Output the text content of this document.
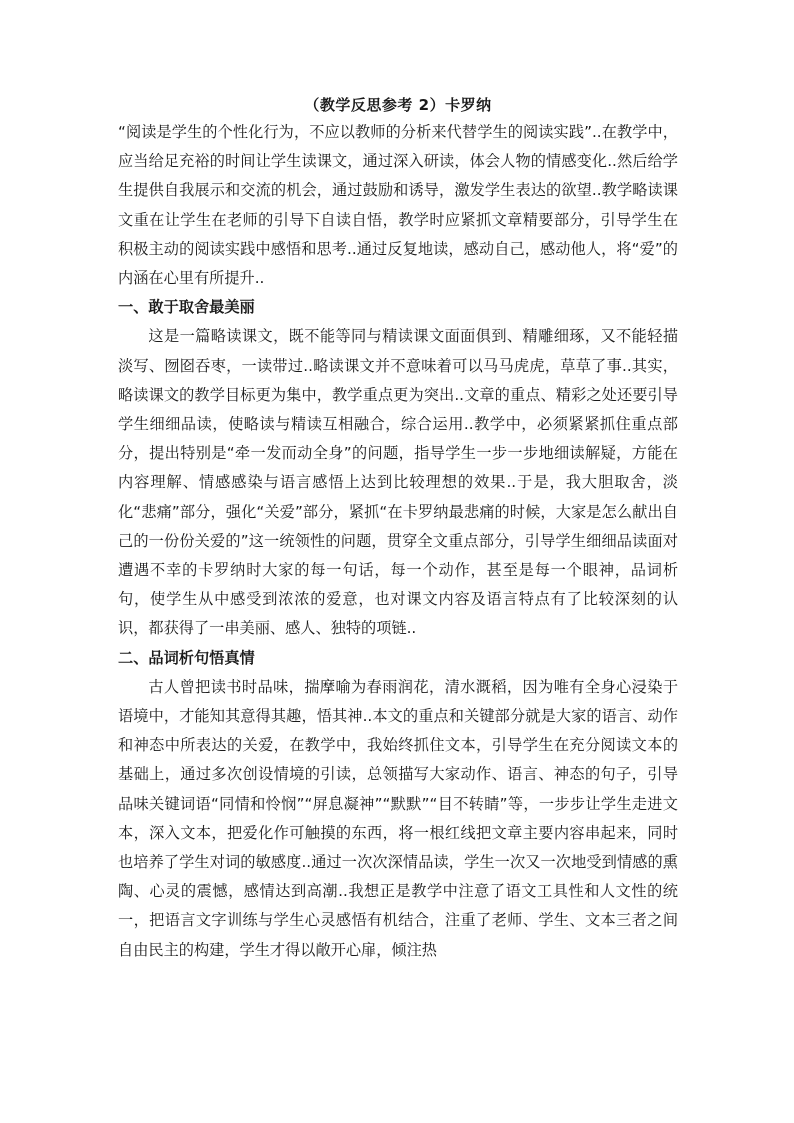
（教学反思参考 2）卡罗纳

“阅读是学生的个性化行为，不应以教师的分析来代替学生的阅读实践”..在教学中，应当给足充裕的时间让学生读课文，通过深入研读，体会人物的情感变化..然后给学生提供自我展示和交流的机会，通过鼓励和诱导，激发学生表达的欲望..教学略读课文重在让学生在老师的引导下自读自悟，教学时应紧抓文章精要部分，引导学生在积极主动的阅读实践中感悟和思考..通过反复地读，感动自己，感动他人，将“爱”的内涵在心里有所提升..

一、敢于取舍最美丽

这是一篇略读课文，既不能等同与精读课文面面俱到、精雕细琢，又不能轻描淡写、囫囵吞枣，一读带过..略读课文并不意味着可以马马虎虎，草草了事..其实，略读课文的教学目标更为集中，教学重点更为突出..文章的重点、精彩之处还要引导学生细细品读，使略读与精读互相融合，综合运用..教学中，必须紧紧抓住重点部分，提出特别是“牵一发而动全身”的问题，指导学生一步一步地细读解疑，方能在内容理解、情感感染与语言感悟上达到比较理想的效果..于是，我大胆取舍，淡化“悲痛”部分，强化“关爱”部分，紧抓“在卡罗纳最悲痛的时候，大家是怎么献出自己的一份份关爱的”这一统领性的问题，贯穿全文重点部分，引导学生细细品读面对遭遇不幸的卡罗纳时大家的每一句话，每一个动作，甚至是每一个眼神，品词析句，使学生从中感受到浓浓的爱意，也对课文内容及语言特点有了比较深刻的认识，都获得了一串美丽、感人、独特的项链..

二、品词析句悟真情

古人曾把读书时品味，揣摩喻为春雨润花，清水溉稻，因为唯有全身心浸染于语境中，才能知其意得其趣，悟其神..本文的重点和关键部分就是大家的语言、动作和神态中所表达的关爱，在教学中，我始终抓住文本，引导学生在充分阅读文本的基础上，通过多次创设情境的引读，总领描写大家动作、语言、神态的句子，引导品味关键词语“同情和怜悯”“屏息凝神”“默默”“目不转睛”等，一步步让学生走进文本，深入文本，把爱化作可触摸的东西，将一根红线把文章主要内容串起来，同时也培养了学生对词的敏感度..通过一次次深情品读，学生一次又一次地受到情感的熏陶、心灵的震憾，感情达到高潮..我想正是教学中注意了语文工具性和人文性的统一，把语言文字训练与学生心灵感悟有机结合，注重了老师、学生、文本三者之间自由民主的构建，学生才得以敞开心扉，倾注热
